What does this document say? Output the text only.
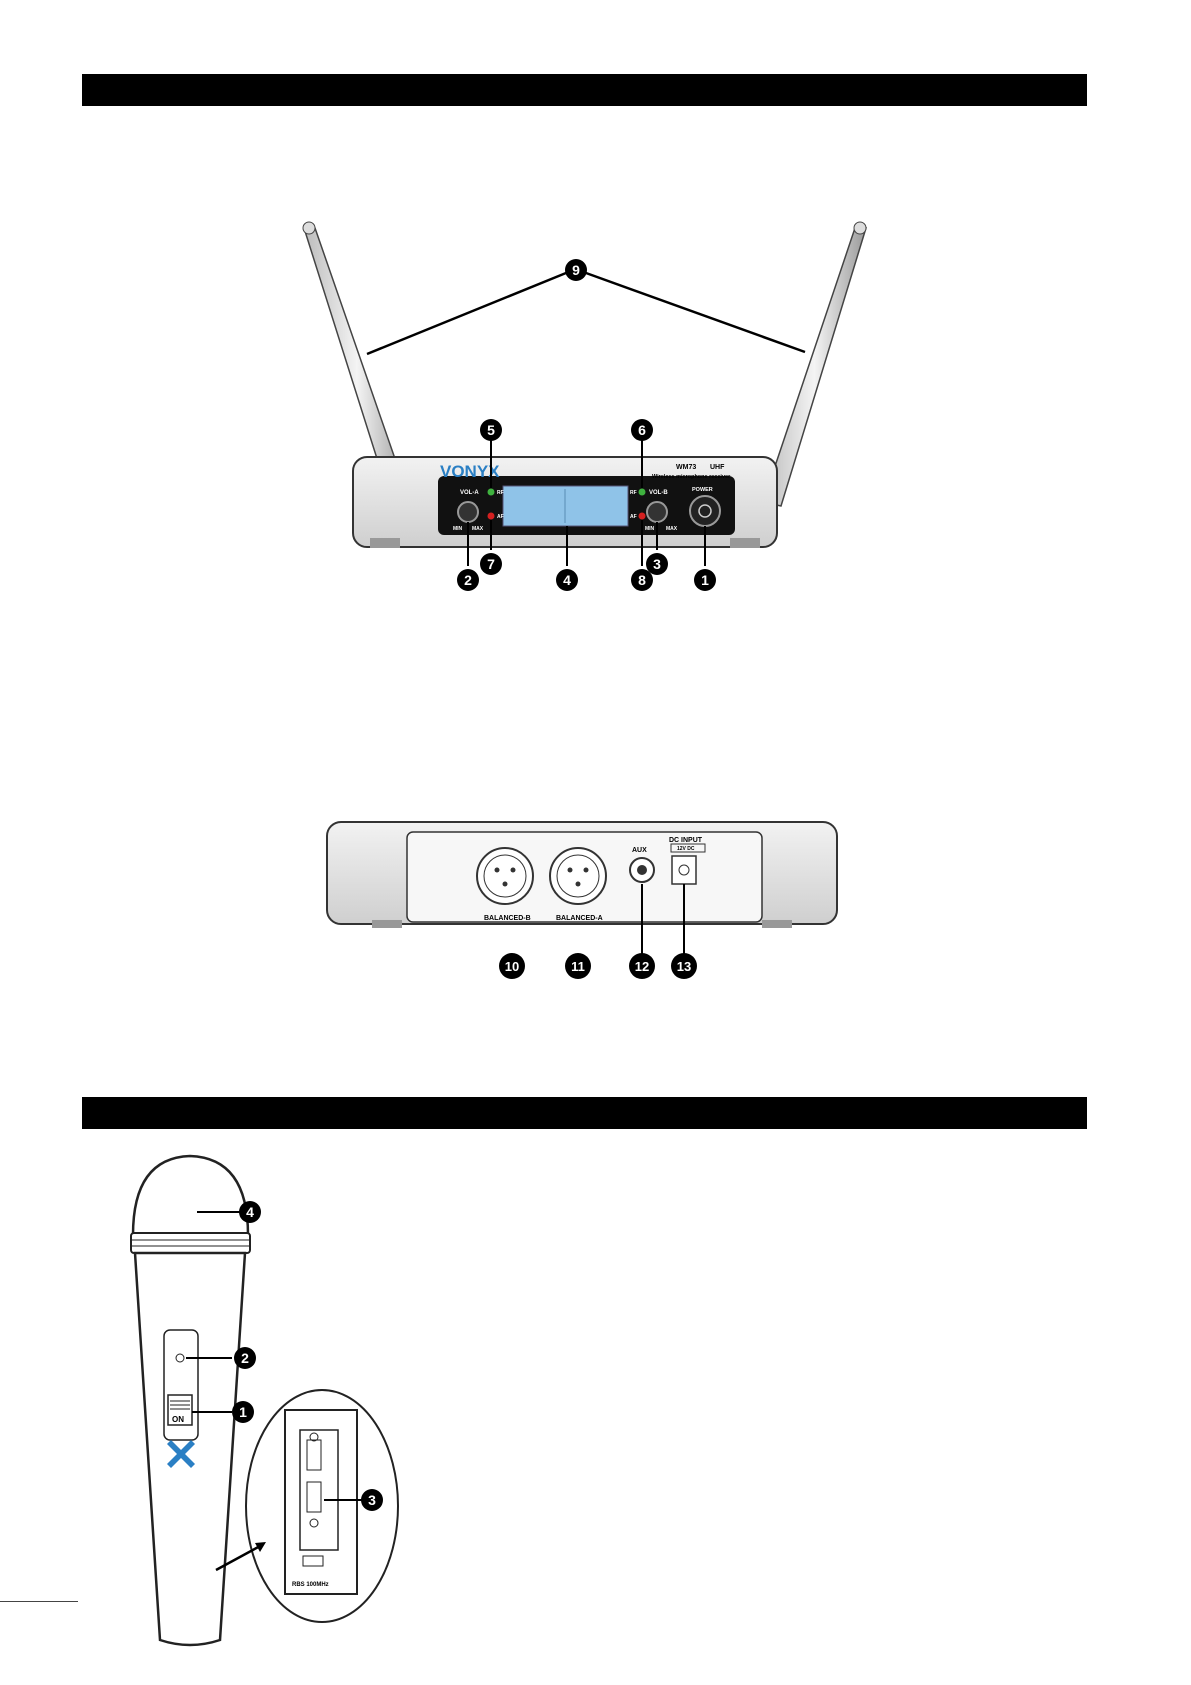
VONYX	WM73 UHF
Wireless microphone receiver
VOL-A	VOL-B
MIN MAX	MIN MAX
RF
AF
RF
AF
POWER
9
5	6
2
7
4	8
3
1
BALANCED-B	BALANCED-A
AUX
DC INPUT
12V DC
10	11	12 13
ON
4
2
1
RBS 100MHz
3
